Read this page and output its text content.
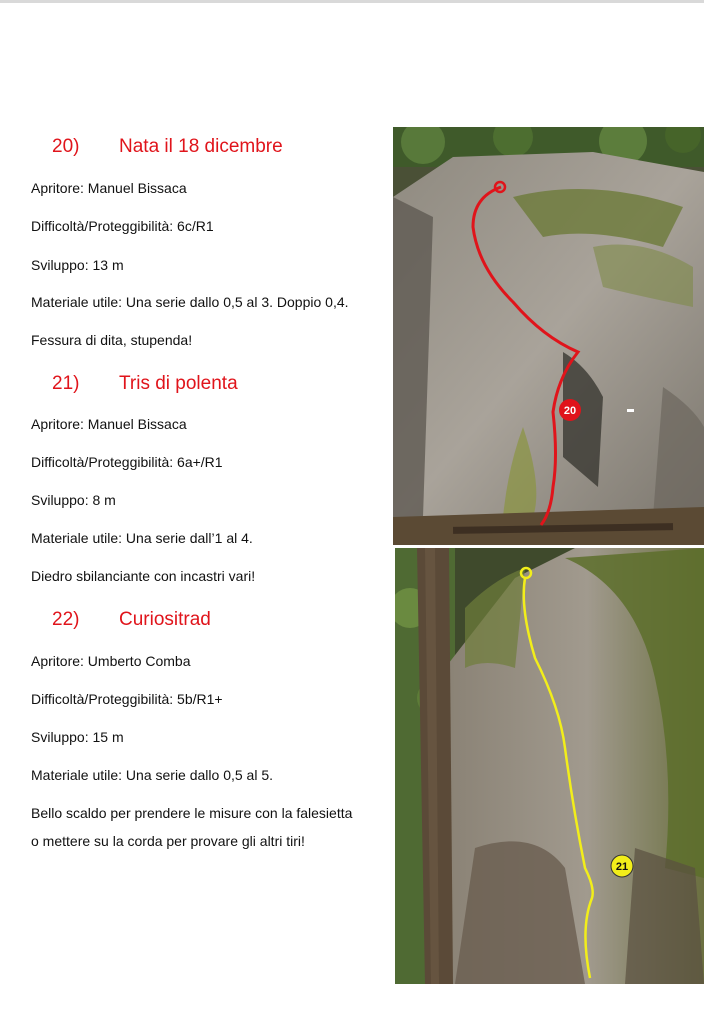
20) Nata il 18 dicembre
Apritore: Manuel Bissaca
Difficoltà/Proteggibilità: 6c/R1
Sviluppo: 13 m
Materiale utile: Una serie dallo 0,5 al 3. Doppio 0,4.
Fessura di dita, stupenda!
21) Tris di polenta
Apritore: Manuel Bissaca
Difficoltà/Proteggibilità: 6a+/R1
Sviluppo: 8 m
Materiale utile: Una serie dall’1 al 4.
Diedro sbilanciante con incastri vari!
22) Curiositrad
Apritore: Umberto Comba
Difficoltà/Proteggibilità: 5b/R1+
Sviluppo: 15 m
Materiale utile: Una serie dallo 0,5 al 5.
Bello scaldo per prendere le misure con la falesietta
o mettere su la corda per provare gli altri tiri!
20
21
